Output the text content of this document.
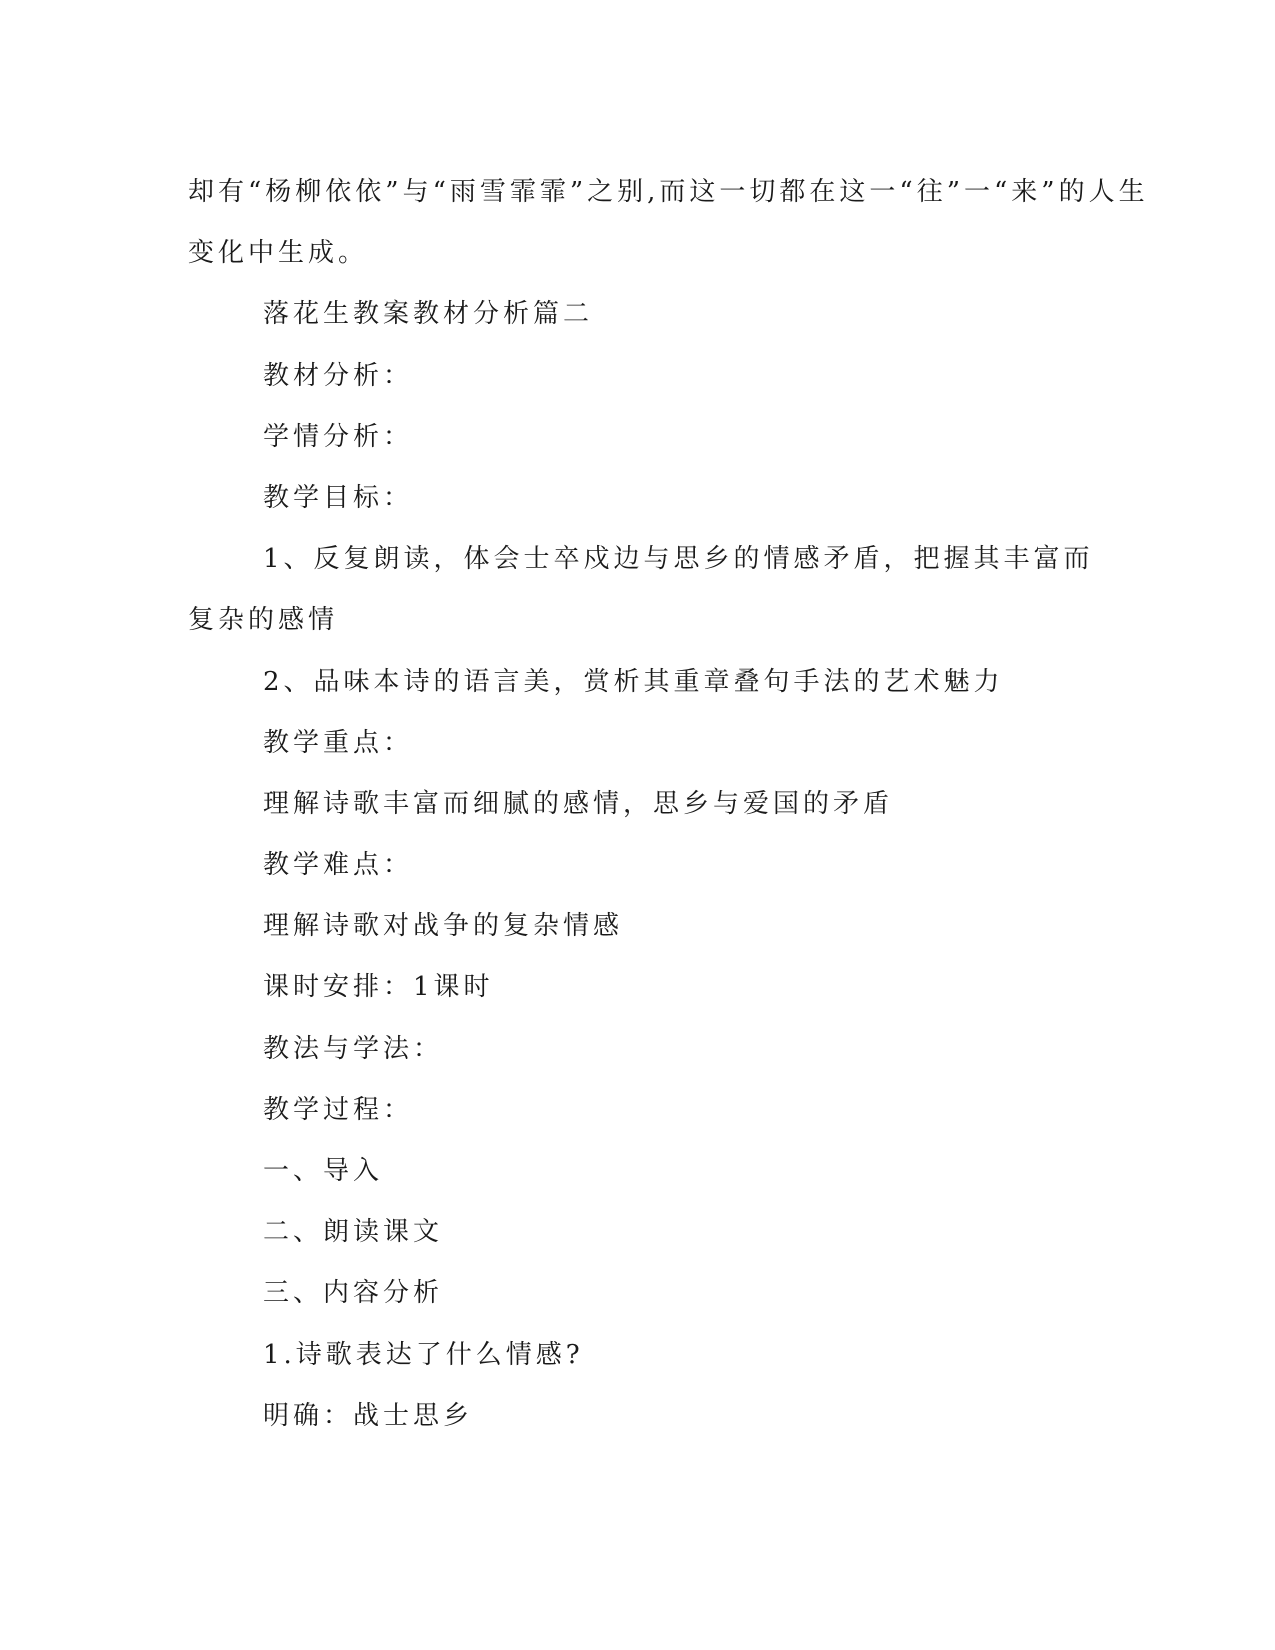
却有“杨柳依依”与“雨雪霏霏”之别,而这一切都在这一“往”一“来”的人生

变化中生成。

落花生教案教材分析篇二

教材分析：

学情分析：

教学目标：

1、反复朗读，体会士卒戍边与思乡的情感矛盾，把握其丰富而

复杂的感情

2、品味本诗的语言美，赏析其重章叠句手法的艺术魅力

教学重点：

理解诗歌丰富而细腻的感情，思乡与爱国的矛盾

教学难点：

理解诗歌对战争的复杂情感

课时安排：1课时

教法与学法：

教学过程：

一、导入

二、朗读课文

三、内容分析

1.诗歌表达了什么情感?

明确：战士思乡
